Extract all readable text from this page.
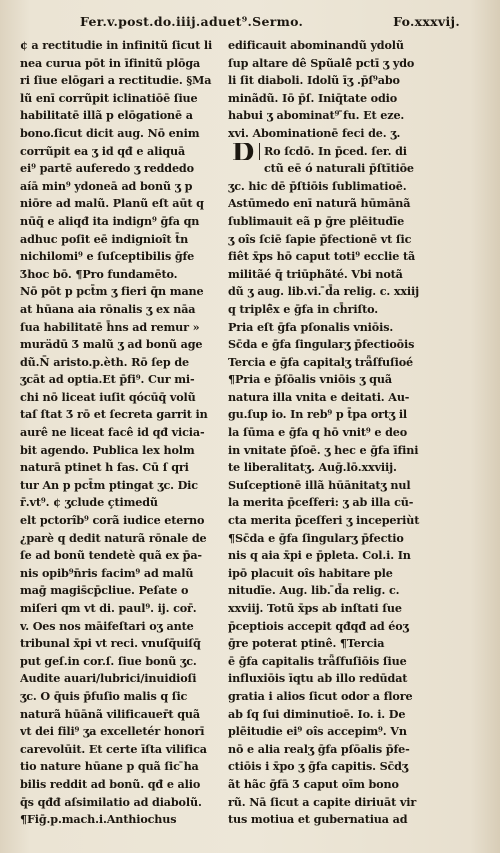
Fer.v.post.do.iiij.aduet⁹.Sermo.	Fo.xxxvij.
¢ a rectitudie in infinitũ ſicut li
nea curua pōt in īfinitũ plōga
ri ſiue elōgari a rectitudie. §Ma
lũ enī corrũpit iclinatiōē ſiue
habilitatē illã p elōgationē a
bono.ſicut dicit aug. Nō enim
corrũpit ea ʒ id qđ e aliquā
ei⁹ partē auferedo ʒ reddedo
aíā min⁹ ydoneā ad bonũ ʒ p
niōre ad malũ. Planũ eſt aūt q
nūq̄ e aliqđ ita indign⁹ ḡfa qn
adhuc poſit eē indignioît t̄n
nichilomi⁹ e ſuſceptibilis ḡfe
Ʒhoc bō. ¶Pro fundamēto.
Nō pōt p pct̄m ʒ fieri q̄n mane
at hūana aia rōnalis ʒ ex nāa
ſua habilitatē h̄ns ad remur »
murädū Ʒ malũ ʒ ad bonũ age
dũ.N̄̄ aristo.p.èth. Rō ſep de
ʒcāt ad optia.Et p̄fi⁹. Cur mi-
chi nō liceat iuſit qócūq̄ volũ
taſ ſtat Ʒ rō et ſecreta garrit in
aurê ne liceat facê id qđ vicia-
bit agendo. Publica lex holm
naturā ptinet h fas. Cū ſ qri
tur An p pct̄m ptingat ʒc. Dic
r̄̄.vt⁹. ¢ ʒclude çtimedũ
elt pctorîb⁹ corã iudice eterno
¿parè q dedit naturã rōnale de
ſe ad bonũ tendetè quã ex p̄a-
nis opib⁹n̄ris facim⁹ ad malũ
maḡ magis̄cp̄cliue. Peſate o
miſeri qm vt di. paul⁹. ij. cor̄.
v. Oes nos māifeſtari oʒ ante
tribunal x̄pi vt reci. vnuſq̄uiſq̄
put geſ.in cor.ſ. ſiue bonũ ʒc.
Audite auari/lubrici/inuidioſi
ʒc. O q̄uis p̄fuſio malis q ſic
naturã hūānã vilificauer̄t quã
vt dei fili⁹ ʒa excelletér honorī
carevolūit. Et certe īſta vilifica
tio nature hūane p quã ſic ̄ha
bilis reddit ad bonũ. qđ e alio
q̄s qđđ aſsimilatio ad diabolũ.
¶Fiḡ.p.mach.i.Anthiochus
edificauit abominandũ ydolũ
ſup altare dê Spũalê̄ pctī ʒ ydo
li ſit diaboli. Idolũ īʒ .p̄ſ⁹abo
minãdũ. Iō p̄ſ. Iniq̄tate odio
habui ʒ abominat⁹ ̄fu. Et eze.
xvi. Abominationē feci de. ʒ.
Ro ſcdō. In p̄ced. ſer. di
D
ctũ eē ó naturali p̄ſtītiōe
ʒc. hic dē p̄ſtiōis ſublimatioē.
Astūmedo enī naturã hūmānã
ſublimauit eã p ḡre plēitudīe
ʒ oîs ſciē ſapie p̄fectionē vt ſic
fiêt x̄ps hō caput toti⁹ ecclie tã
militãé q̄ triūphãté. Vbi notã
dũ ʒ aug. lib.vi. ̄d̄a relig. c. xxiij
q triplê̄x e ḡfa in ch̄riſto.
Pria eſt ḡfa pſonalis vniōis.
Sc̄da e ḡfa ſingularʒ p̄fectioōis
Tercia e ḡfa capitalʒ trǟſfuſioé
¶Pria e p̄ſōalis vniōis ʒ quã
natura illa vnita e deitati. Au-
gu.ſup io. In reb⁹ p t̄pa ortʒ il
la ſūma e ḡfa q hō vnit⁹ e deo
in vnitate p̄ſoē. ʒ hec e ḡfa īfini
te liberalitatʒ. Auḡ.lō.xxviij.
Suſceptionē illã hūānitatʒ nul
la merita p̄ceſferi: ʒ ab illa cū-
cta merita p̄ceſferi ʒ inceperiùt
¶Sc̄da e ḡfa ſingularʒ p̄fectio
nis q aia x̄pi e p̄pleta. Col.i. In
ipō placuit oîs habitare ple
nitudīe. Aug. lib. ̄d̄a relig. c.
xxviij. Totũ x̄ps ab inſtati ſue
p̄ceptiois accepit qđqđ ad éoʒ
ḡre poterat ptinê. ¶Tercia
ē ḡfa capitalis trǟſfuſiōis ſiue
influxiōis īqtu ab illo redūdat
gratia i alios ſicut odor a flore
ab ſq ſui diminutioē. Io. i. De
plēitudie ei⁹ oîs accepim⁹. Vn
nō e alia realʒ ḡfa pſōalis p̄fe-
ctiōis i x̄po ʒ ḡfa capitis. Sc̄dʒ
ãt hãc ḡfā Ʒ caput oīm bono
rũ. Nā ſicut a capite diriuāt vir
tus motiua et gubernatiua ad
